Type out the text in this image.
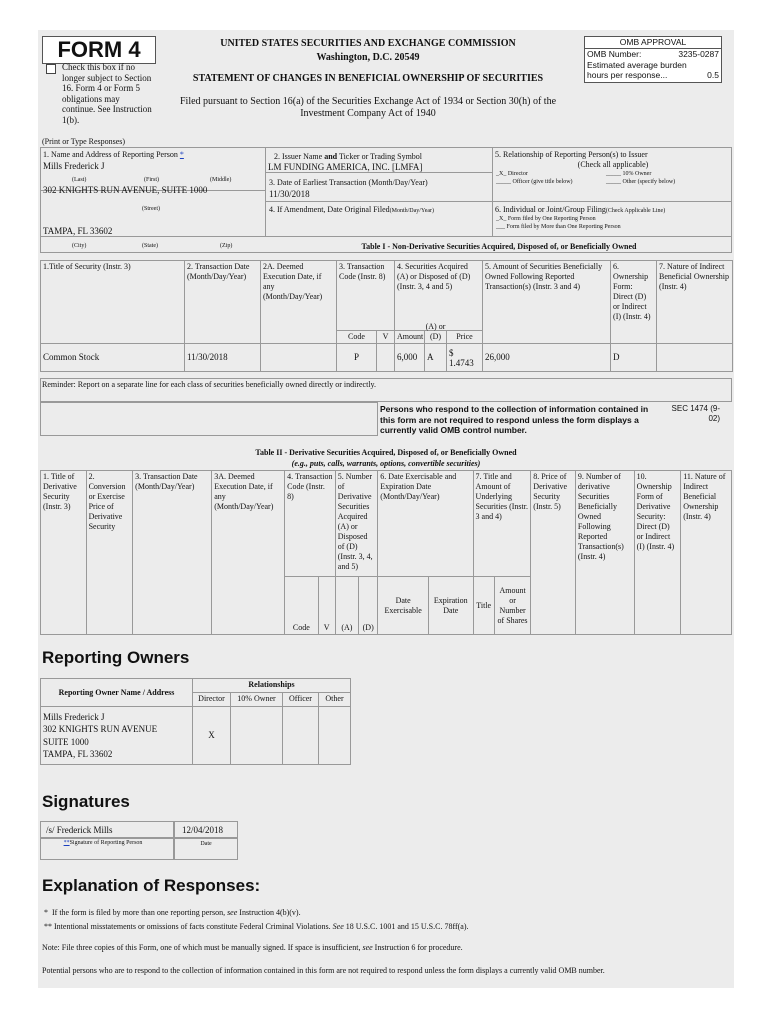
FORM 4
Check this box if no longer subject to Section 16. Form 4 or Form 5 obligations may continue. See Instruction 1(b).
UNITED STATES SECURITIES AND EXCHANGE COMMISSION
Washington, D.C. 20549
STATEMENT OF CHANGES IN BENEFICIAL OWNERSHIP OF SECURITIES
Filed pursuant to Section 16(a) of the Securities Exchange Act of 1934 or Section 30(h) of the Investment Company Act of 1940
OMB APPROVAL
OMB Number:	3235-0287
Estimated average burden
hours per response...	0.5
(Print or Type Responses)
1. Name and Address of Reporting Person *
Mills Frederick J
(Last)	(First)	(Middle)
302 KNIGHTS RUN AVENUE, SUITE 1000
(Street)
TAMPA, FL 33602
(City)	(State)	(Zip)
2. Issuer Name and Ticker or Trading Symbol
LM FUNDING AMERICA, INC. [LMFA]
3. Date of Earliest Transaction (Month/Day/Year)
11/30/2018
4. If Amendment, Date Original Filed(Month/Day/Year)
5. Relationship of Reporting Person(s) to Issuer
(Check all applicable)
_X_ Director	_____ 10% Owner
_____ Officer (give title below)	_____ Other (specify below)
6. Individual or Joint/Group Filing(Check Applicable Line)
_X_ Form filed by One Reporting Person
___ Form filed by More than One Reporting Person
Table I - Non-Derivative Securities Acquired, Disposed of, or Beneficially Owned
1.Title of Security (Instr. 3)	2. Transaction Date (Month/Day/Year)	2A. Deemed Execution Date, if any (Month/Day/Year)	3. Transaction Code (Instr. 8)		4. Securities Acquired (A) or Disposed of (D) (Instr. 3, 4 and 5)			5. Amount of Securities Beneficially Owned Following Reported Transaction(s) (Instr. 3 and 4)	6. Ownership Form: Direct (D) or Indirect (I) (Instr. 4)	7. Nature of Indirect Beneficial Ownership (Instr. 4)
			Code	V	Amount	(A) or (D)	Price			
Common Stock	11/30/2018		P		6,000	A	$
1.4743	26,000	D	
Reminder: Report on a separate line for each class of securities beneficially owned directly or indirectly.
Persons who respond to the collection of information contained in this form are not required to respond unless the form displays a currently valid OMB control number.
SEC 1474 (9-02)
Table II - Derivative Securities Acquired, Disposed of, or Beneficially Owned
(e.g., puts, calls, warrants, options, convertible securities)
1. Title of Derivative Security (Instr. 3)	2. Conversion or Exercise Price of Derivative Security	3. Transaction Date (Month/Day/Year)	3A. Deemed Execution Date, if any (Month/Day/Year)	4. Transaction Code (Instr. 8)		5. Number of Derivative Securities Acquired (A) or Disposed of (D) (Instr. 3, 4, and 5)		6. Date Exercisable and Expiration Date (Month/Day/Year)		7. Title and Amount of Underlying Securities (Instr. 3 and 4)		8. Price of Derivative Security (Instr. 5)	9. Number of derivative Securities Beneficially Owned Following Reported Transaction(s) (Instr. 4)	10. Ownership Form of Derivative Security: Direct (D) or Indirect (I) (Instr. 4)	11. Nature of Indirect Beneficial Ownership (Instr. 4)
				Code	V	(A)	(D)	Date Exercisable	Expiration Date	Title	Amount or Number of Shares				
Reporting Owners
Reporting Owner Name / Address	Relationships			
	Director	10% Owner	Officer	Other

Mills Frederick J
302 KNIGHTS RUN AVENUE
SUITE 1000
TAMPA, FL 33602	X			
Signatures
/s/ Frederick Mills	12/04/2018
**Signature of Reporting Person	Date
Explanation of Responses:
* If the form is filed by more than one reporting person, see Instruction 4(b)(v).
** Intentional misstatements or omissions of facts constitute Federal Criminal Violations. See 18 U.S.C. 1001 and 15 U.S.C. 78ff(a).
Note: File three copies of this Form, one of which must be manually signed. If space is insufficient, see Instruction 6 for procedure.
Potential persons who are to respond to the collection of information contained in this form are not required to respond unless the form displays a currently valid OMB number.
